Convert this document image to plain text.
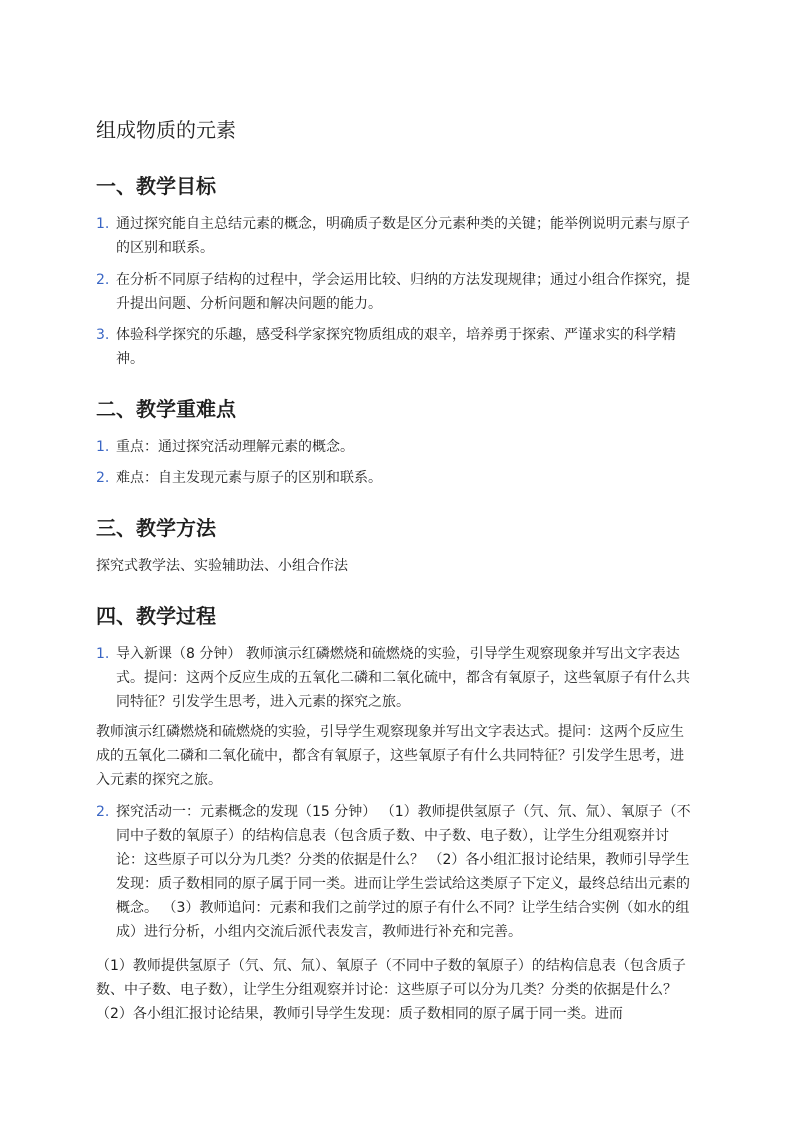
组成物质的元素
一、教学目标
1. 通过探究能自主总结元素的概念，明确质子数是区分元素种类的关键；能举例说明元素与原子的区别和联系。
2. 在分析不同原子结构的过程中，学会运用比较、归纳的方法发现规律；通过小组合作探究，提升提出问题、分析问题和解决问题的能力。
3. 体验科学探究的乐趣，感受科学家探究物质组成的艰辛，培养勇于探索、严谨求实的科学精神。
二、教学重难点
1. 重点：通过探究活动理解元素的概念。
2. 难点：自主发现元素与原子的区别和联系。
三、教学方法

探究式教学法、实验辅助法、小组合作法

四、教学过程
1. 导入新课（8 分钟） 教师演示红磷燃烧和硫燃烧的实验，引导学生观察现象并写出文字表达式。提问：这两个反应生成的五氧化二磷和二氧化硫中，都含有氧原子，这些氧原子有什么共同特征？引发学生思考，进入元素的探究之旅。

教师演示红磷燃烧和硫燃烧的实验，引导学生观察现象并写出文字表达式。提问：这两个反应生成的五氧化二磷和二氧化硫中，都含有氧原子，这些氧原子有什么共同特征？引发学生思考，进入元素的探究之旅。

2. 探究活动一：元素概念的发现（15 分钟） （1）教师提供氢原子（氕、氘、氚）、氧原子（不同中子数的氧原子）的结构信息表（包含质子数、中子数、电子数），让学生分组观察并讨论：这些原子可以分为几类？分类的依据是什么？ （2）各小组汇报讨论结果，教师引导学生发现：质子数相同的原子属于同一类。进而让学生尝试给这类原子下定义，最终总结出元素的概念。 （3）教师追问：元素和我们之前学过的原子有什么不同？让学生结合实例（如水的组成）进行分析，小组内交流后派代表发言，教师进行补充和完善。

（1）教师提供氢原子（氕、氘、氚）、氧原子（不同中子数的氧原子）的结构信息表（包含质子数、中子数、电子数），让学生分组观察并讨论：这些原子可以分为几类？分类的依据是什么？ （2）各小组汇报讨论结果，教师引导学生发现：质子数相同的原子属于同一类。进而
